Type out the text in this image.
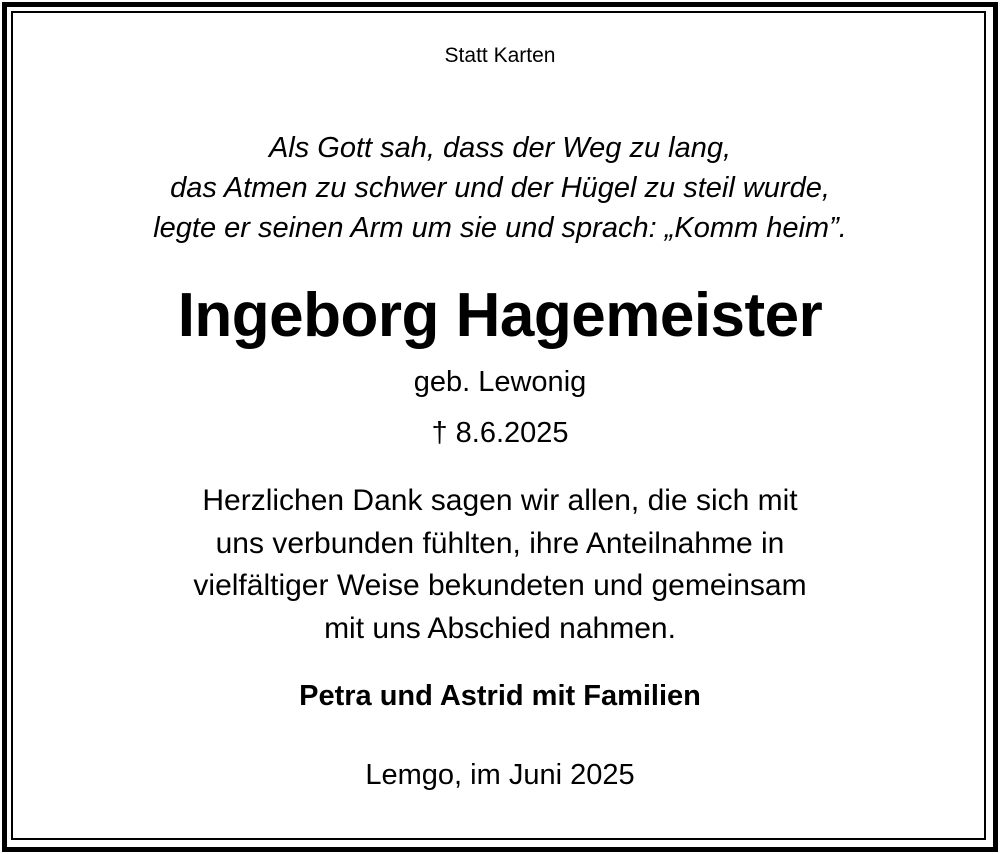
Statt Karten
Als Gott sah, dass der Weg zu lang,
das Atmen zu schwer und der Hügel zu steil wurde,
legte er seinen Arm um sie und sprach: „Komm heim”.
Ingeborg Hagemeister
geb. Lewonig
† 8.6.2025
Herzlichen Dank sagen wir allen, die sich mit
uns verbunden fühlten, ihre Anteilnahme in
vielfältiger Weise bekundeten und gemeinsam
mit uns Abschied nahmen.
Petra und Astrid mit Familien
Lemgo, im Juni 2025
